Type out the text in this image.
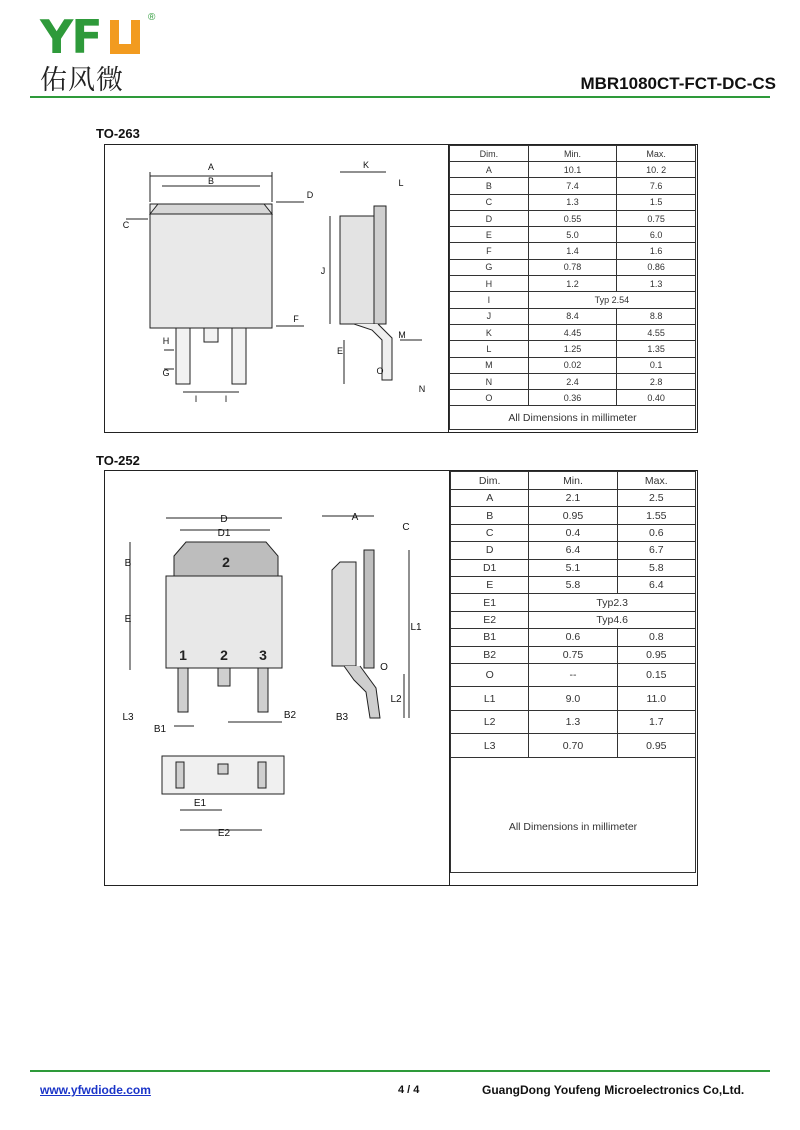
YF	®
佑风微	MBR1080CT-FCT-DC-CS
TO-263
A
B
C
D
E
F
G
H
I	I
J
K
L
M
N
O
Dim.	Min.	Max.
A	10.1	10. 2
B	7.4	7.6
C	1.3	1.5
D	0.55	0.75
E	5.0	6.0
F	1.4	1.6
G	0.78	0.86
H	1.2	1.3
I	Typ 2.54	
J	8.4	8.8
K	4.45	4.55
L	1.25	1.35
M	0.02	0.1
N	2.4	2.8
O	0.36	0.40

All Dimensions in millimeter
TO-252
D
D1
A
C
B
E
L1
O
L2
L3
B1
B2	B3
E1
E2
2
1 2 3
Dim.	Min.	Max.
A	2.1	2.5
B	0.95	1.55
C	0.4	0.6
D	6.4	6.7
D1	5.1	5.8
E	5.8	6.4
E1	Typ2.3	
E2	Typ4.6	
B1	0.6	0.8
B2	0.75	0.95
O	--	0.15
L1	9.0	11.0
L2	1.3	1.7
L3	0.70	0.95

All Dimensions in millimeter
www.yfwdiode.com	4 / 4	GuangDong Youfeng Microelectronics Co,Ltd.
